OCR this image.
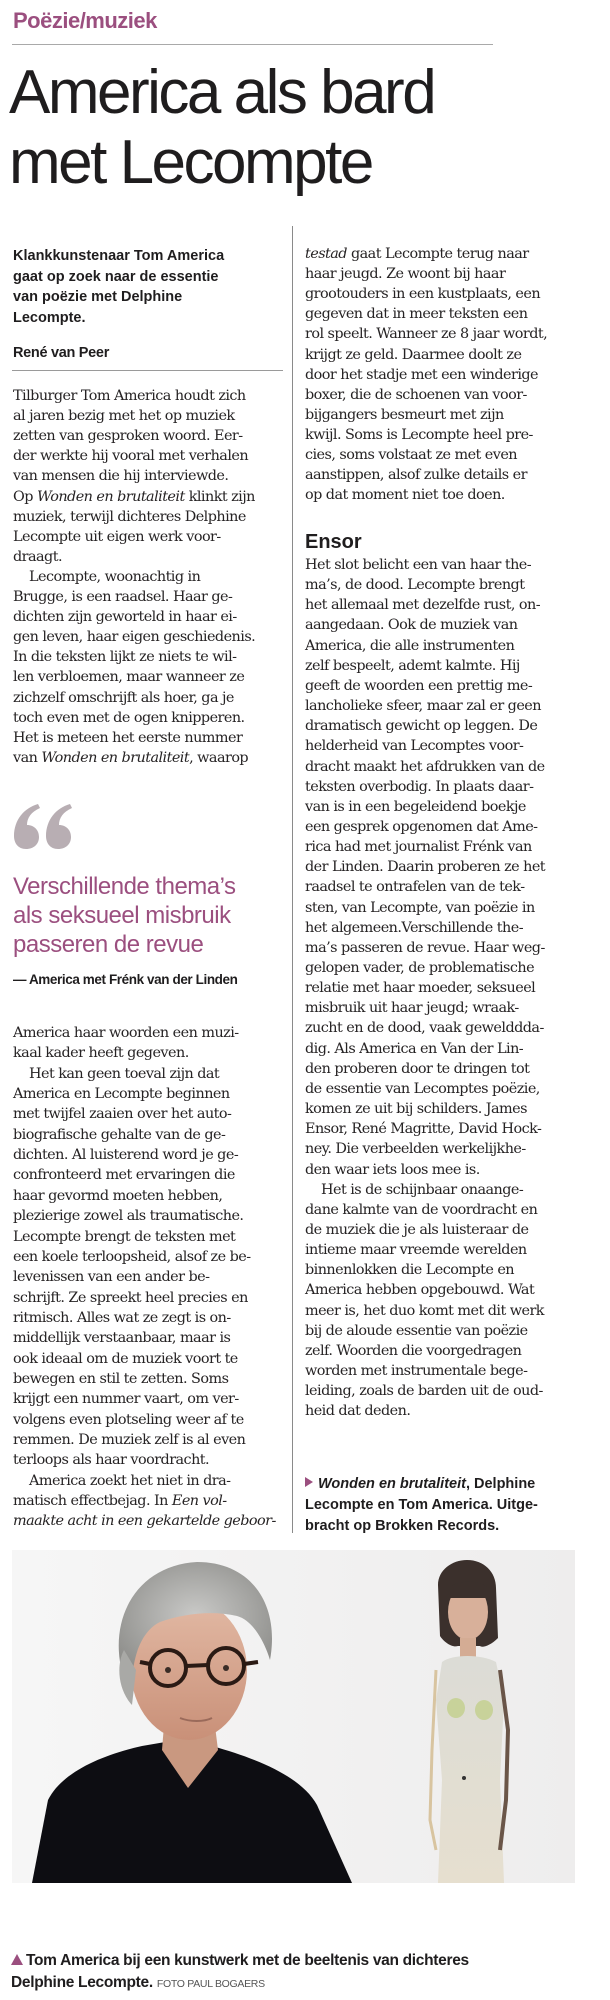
Poëzie/muziek
America als bard
met Lecompte
Klankkunstenaar Tom America
gaat op zoek naar de essentie
van poëzie met Delphine
Lecompte.
René van Peer
Tilburger Tom America houdt zich
al jaren bezig met het op muziek
zetten van gesproken woord. Eer-
der werkte hij vooral met verhalen
van mensen die hij interviewde.
Op Wonden en brutaliteit klinkt zijn
muziek, terwijl dichteres Delphine
Lecompte uit eigen werk voor-
draagt.
Lecompte, woonachtig in
Brugge, is een raadsel. Haar ge-
dichten zijn geworteld in haar ei-
gen leven, haar eigen geschiedenis.
In die teksten lijkt ze niets te wil-
len verbloemen, maar wanneer ze
zichzelf omschrijft als hoer, ga je
toch even met de ogen knipperen.
Het is meteen het eerste nummer
van Wonden en brutaliteit, waarop
America haar woorden een muzi-
kaal kader heeft gegeven.
Het kan geen toeval zijn dat
America en Lecompte beginnen
met twijfel zaaien over het auto-
biografische gehalte van de ge-
dichten. Al luisterend word je ge-
confronteerd met ervaringen die
haar gevormd moeten hebben,
plezierige zowel als traumatische.
Lecompte brengt de teksten met
een koele terloopsheid, alsof ze be-
levenissen van een ander be-
schrijft. Ze spreekt heel precies en
ritmisch. Alles wat ze zegt is on-
middellijk verstaanbaar, maar is
ook ideaal om de muziek voort te
bewegen en stil te zetten. Soms
krijgt een nummer vaart, om ver-
volgens even plotseling weer af te
remmen. De muziek zelf is al even
terloops als haar voordracht.
America zoekt het niet in dra-
matisch effectbejag. In Een vol-
maakte acht in een gekartelde geboor-
testad gaat Lecompte terug naar
haar jeugd. Ze woont bij haar
grootouders in een kustplaats, een
gegeven dat in meer teksten een
rol speelt. Wanneer ze 8 jaar wordt,
krijgt ze geld. Daarmee doolt ze
door het stadje met een winderige
boxer, die de schoenen van voor-
bijgangers besmeurt met zijn
kwijl. Soms is Lecompte heel pre-
cies, soms volstaat ze met even
aanstippen, alsof zulke details er
op dat moment niet toe doen.
Het slot belicht een van haar the-
ma’s, de dood. Lecompte brengt
het allemaal met dezelfde rust, on-
aangedaan. Ook de muziek van
America, die alle instrumenten
zelf bespeelt, ademt kalmte. Hij
geeft de woorden een prettig me-
lancholieke sfeer, maar zal er geen
dramatisch gewicht op leggen. De
helderheid van Lecomptes voor-
dracht maakt het afdrukken van de
teksten overbodig. In plaats daar-
van is in een begeleidend boekje
een gesprek opgenomen dat Ame-
rica had met journalist Frénk van
der Linden. Daarin proberen ze het
raadsel te ontrafelen van de tek-
sten, van Lecompte, van poëzie in
het algemeen.Verschillende the-
ma’s passeren de revue. Haar weg-
gelopen vader, de problematische
relatie met haar moeder, seksueel
misbruik uit haar jeugd; wraak-
zucht en de dood, vaak gewelddda-
dig. Als America en Van der Lin-
den proberen door te dringen tot
de essentie van Lecomptes poëzie,
komen ze uit bij schilders. James
Ensor, René Magritte, David Hock-
ney. Die verbeelden werkelijkhe-
den waar iets loos mee is.
Het is de schijnbaar onaange-
dane kalmte van de voordracht en
de muziek die je als luisteraar de
intieme maar vreemde werelden
binnenlokken die Lecompte en
America hebben opgebouwd. Wat
meer is, het duo komt met dit werk
bij de aloude essentie van poëzie
zelf. Woorden die voorgedragen
worden met instrumentale bege-
leiding, zoals de barden uit de oud-
heid dat deden.
Verschillende thema’s
als seksueel misbruik
passeren de revue
— America met Frénk van der Linden
Ensor
Wonden en brutaliteit, Delphine
Lecompte en Tom America. Uitge-
bracht op Brokken Records.
Tom America bij een kunstwerk met de beeltenis van dichteres
Delphine Lecompte. FOTO PAUL BOGAERS
